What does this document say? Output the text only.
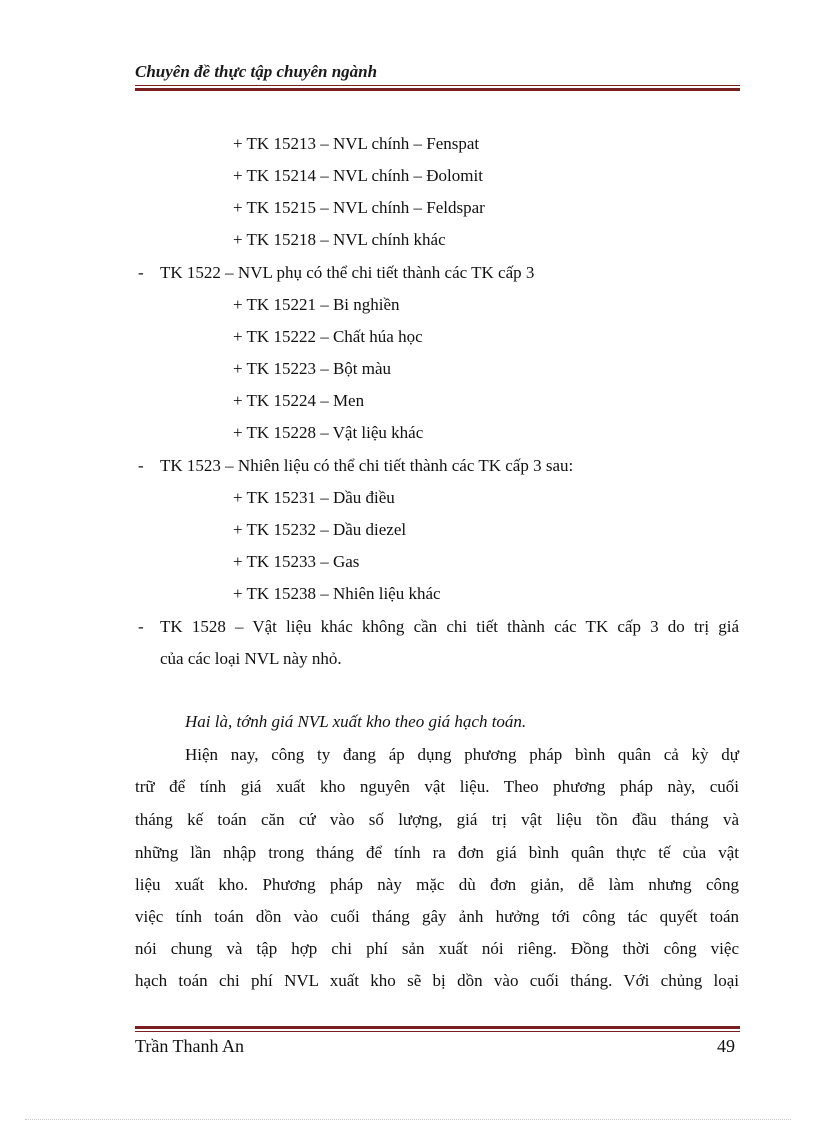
Chuyên đề thực tập chuyên ngành
+ TK 15213 – NVL chính – Fenspat
+ TK 15214 – NVL chính – Đolomit
+ TK 15215 – NVL chính – Feldspar
+ TK 15218 – NVL chính khác
- TK 1522 – NVL phụ có thể chi tiết thành các TK cấp 3
+ TK 15221 – Bi nghiền
+ TK 15222 – Chất húa học
+ TK 15223 – Bột màu
+ TK 15224 – Men
+ TK 15228 – Vật liệu khác
- TK 1523 – Nhiên liệu có thể chi tiết thành các TK cấp 3 sau:
+ TK 15231 – Dầu điều
+ TK 15232 – Dầu diezel
+ TK 15233 – Gas
+ TK 15238 – Nhiên liệu khác
- TK 1528 – Vật liệu khác không cần chi tiết thành các TK cấp 3 do trị giá
của các loại NVL này nhỏ.
Hai là, tớnh giá NVL xuất kho theo giá hạch toán.
Hiện nay, công ty đang áp dụng phương pháp bình quân cả kỳ dự
trữ để tính giá xuất kho nguyên vật liệu. Theo phương pháp này, cuối
tháng kế toán căn cứ vào số lượng, giá trị vật liệu tồn đầu tháng và
những lần nhập trong tháng để tính ra đơn giá bình quân thực tế của vật
liệu xuất kho. Phương pháp này mặc dù đơn giản, dễ làm nhưng công
việc tính toán dồn vào cuối tháng gây ảnh hưởng tới công tác quyết toán
nói chung và tập hợp chi phí sản xuất nói riêng. Đồng thời công việc
hạch toán chi phí NVL xuất kho sẽ bị dồn vào cuối tháng. Với chủng loại
Trần Thanh An	49
